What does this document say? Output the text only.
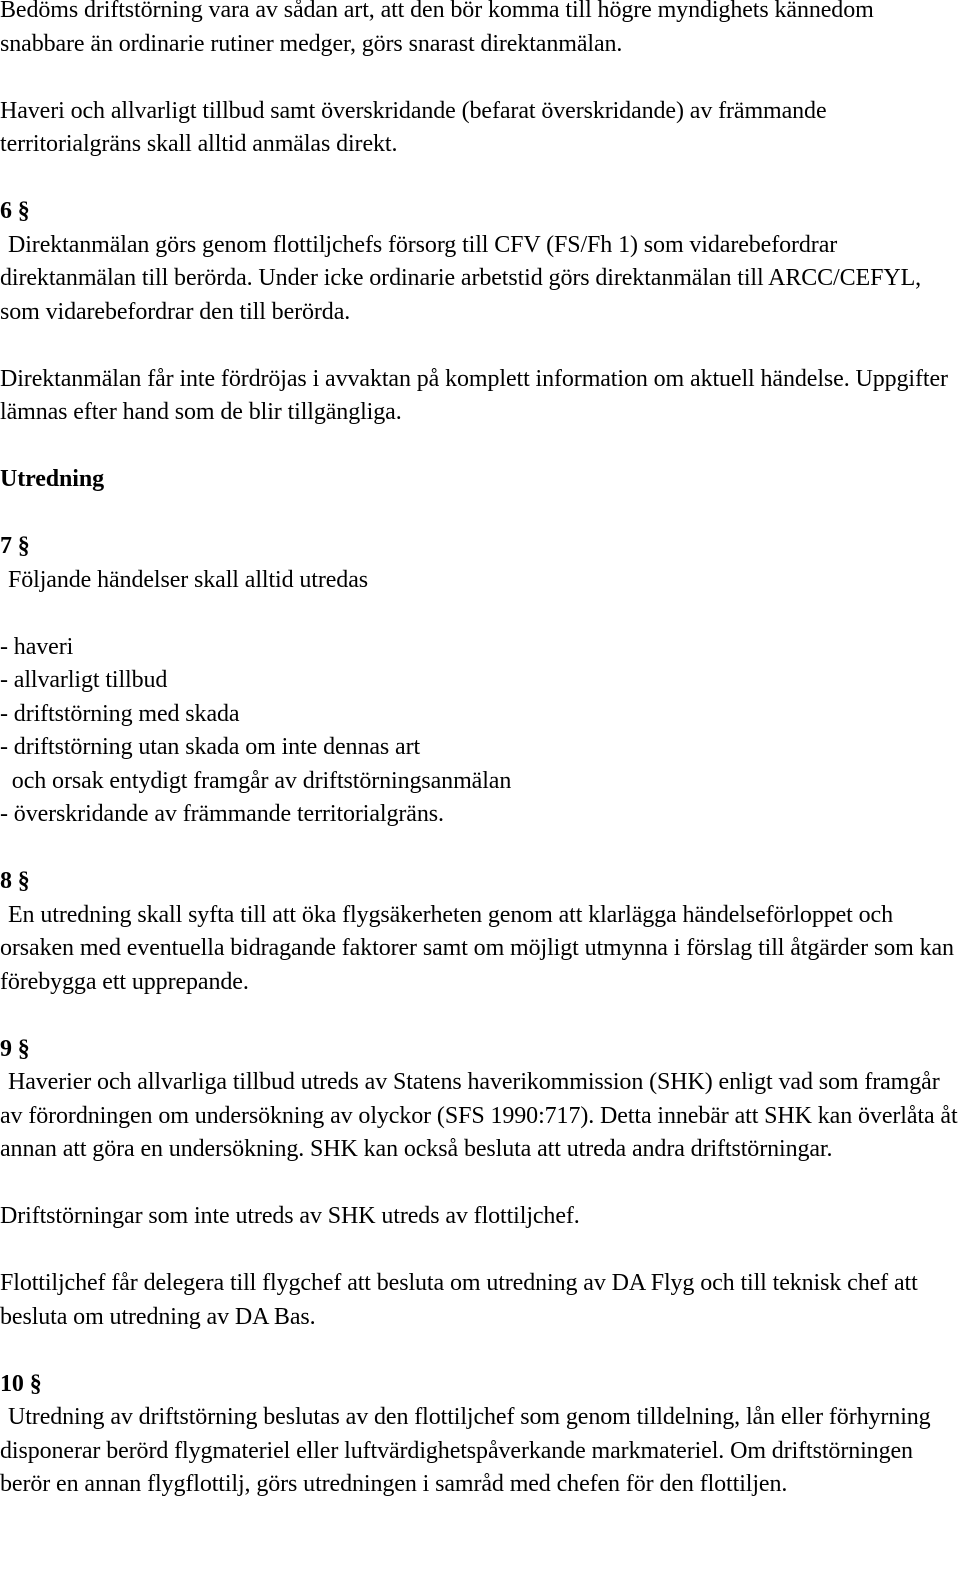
Bedöms driftstörning vara av sådan art, att den bör komma till högre myndighets kännedom snabbare än ordinarie rutiner medger, görs snarast direktanmälan.

Haveri och allvarligt tillbud samt överskridande (befarat överskridande) av främmande territorialgräns skall alltid anmälas direkt.

6 §

Direktanmälan görs genom flottiljchefs försorg till CFV (FS/Fh 1) som vidarebefordrar direktanmälan till berörda. Under icke ordinarie arbetstid görs direktanmälan till ARCC/CEFYL, som vidarebefordrar den till berörda.

Direktanmälan får inte fördröjas i avvaktan på komplett information om aktuell händelse. Uppgifter lämnas efter hand som de blir tillgängliga.

Utredning

7 §

Följande händelser skall alltid utredas

- haveri
- allvarligt tillbud
- driftstörning med skada
- driftstörning utan skada om inte dennas art
och orsak entydigt framgår av driftstörningsanmälan
- överskridande av främmande territorialgräns.

8 §

En utredning skall syfta till att öka flygsäkerheten genom att klarlägga händelseförloppet och orsaken med eventuella bidragande faktorer samt om möjligt utmynna i förslag till åtgärder som kan förebygga ett upprepande.

9 §

Haverier och allvarliga tillbud utreds av Statens haverikommission (SHK) enligt vad som framgår av förordningen om undersökning av olyckor (SFS 1990:717). Detta innebär att SHK kan överlåta åt annan att göra en undersökning. SHK kan också besluta att utreda andra driftstörningar.

Driftstörningar som inte utreds av SHK utreds av flottiljchef.

Flottiljchef får delegera till flygchef att besluta om utredning av DA Flyg och till teknisk chef att besluta om utredning av DA Bas.

10 §

Utredning av driftstörning beslutas av den flottiljchef som genom tilldelning, lån eller förhyrning disponerar berörd flygmateriel eller luftvärdighetspåverkande markmateriel. Om driftstörningen berör en annan flygflottilj, görs utredningen i samråd med chefen för den flottiljen.
